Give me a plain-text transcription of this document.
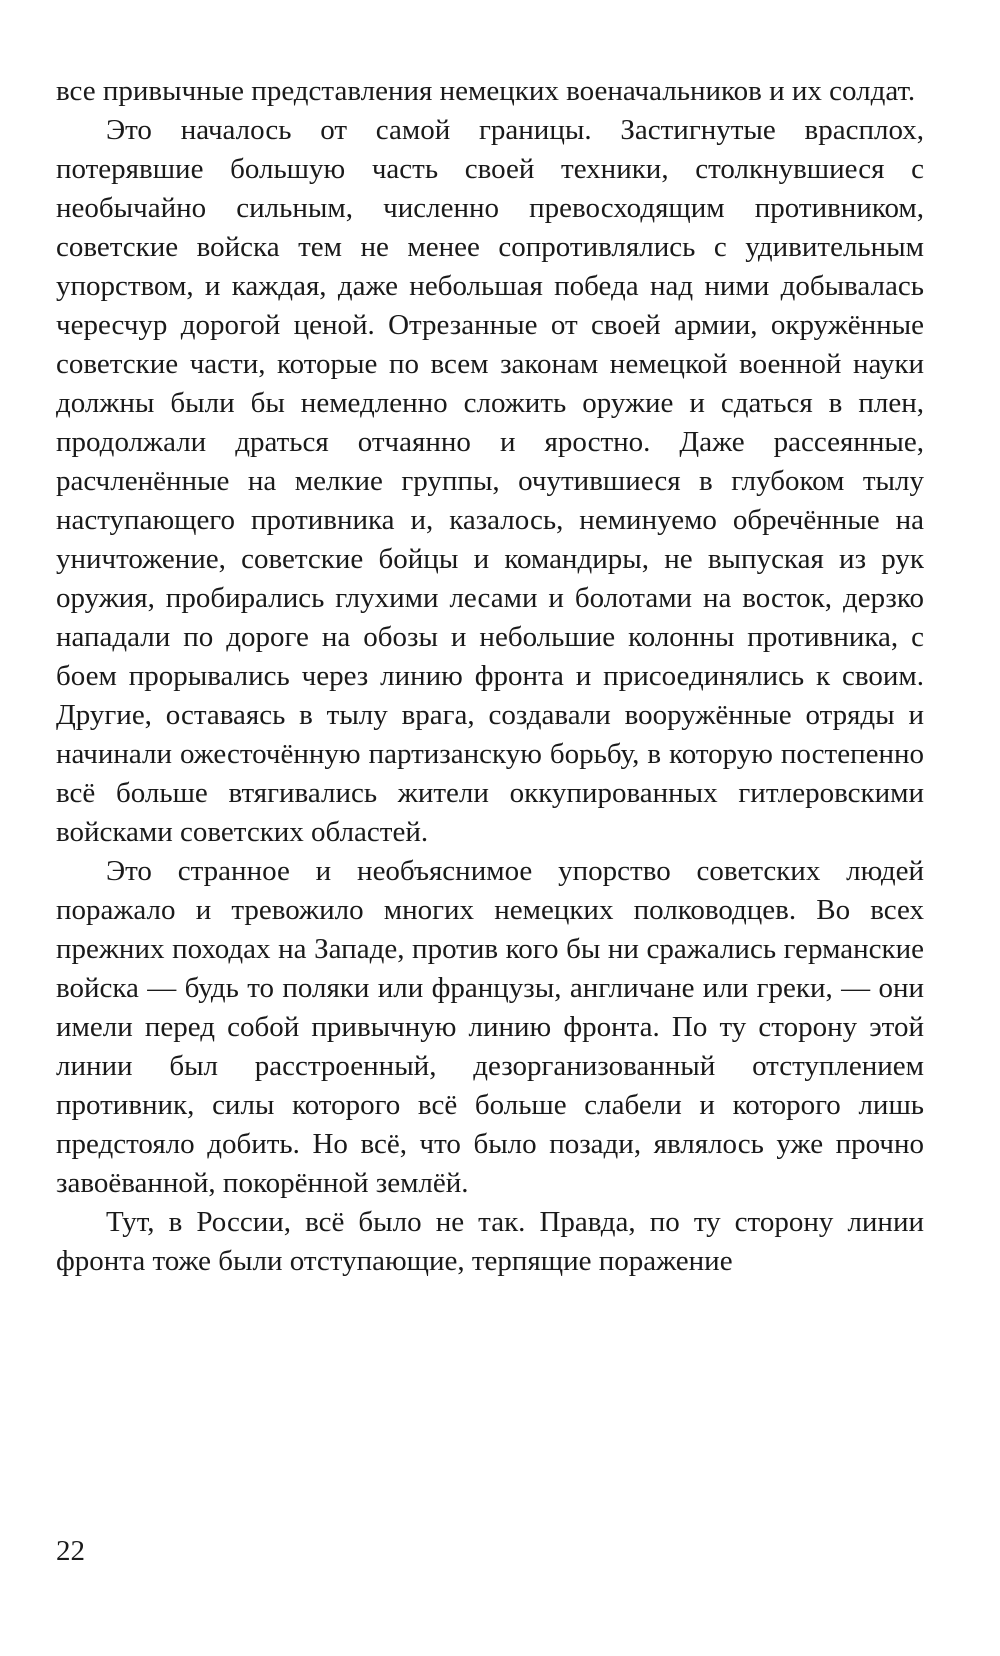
все привычные представления немецких военачальников и их солдат.

Это началось от самой границы. Застигнутые врасплох, потерявшие большую часть своей техники, столкнувшиеся с необычайно сильным, численно превосходящим противником, советские войска тем не менее сопротивлялись с удивительным упорством, и каждая, даже небольшая победа над ними добывалась чересчур дорогой ценой. Отрезанные от своей армии, окружённые советские части, которые по всем законам немецкой военной науки должны были бы немедленно сложить оружие и сдаться в плен, продолжали драться отчаянно и яростно. Даже рассеянные, расчленённые на мелкие группы, очутившиеся в глубоком тылу наступающего противника и, казалось, неминуемо обречённые на уничтожение, советские бойцы и командиры, не выпуская из рук оружия, пробирались глухими лесами и болотами на восток, дерзко нападали по дороге на обозы и небольшие колонны противника, с боем прорывались через линию фронта и присоединялись к своим. Другие, оставаясь в тылу врага, создавали вооружённые отряды и начинали ожесточённую партизанскую борьбу, в которую постепенно всё больше втягивались жители оккупированных гитлеровскими войсками советских областей.

Это странное и необъяснимое упорство советских людей поражало и тревожило многих немецких полководцев. Во всех прежних походах на Западе, против кого бы ни сражались германские войска — будь то поляки или французы, англичане или греки, — они имели перед собой привычную линию фронта. По ту сторону этой линии был расстроенный, дезорганизованный отступлением противник, силы которого всё больше слабели и которого лишь предстояло добить. Но всё, что было позади, являлось уже прочно завоёванной, покорённой землёй.

Тут, в России, всё было не так. Правда, по ту сторону линии фронта тоже были отступающие, терпящие поражение

22
